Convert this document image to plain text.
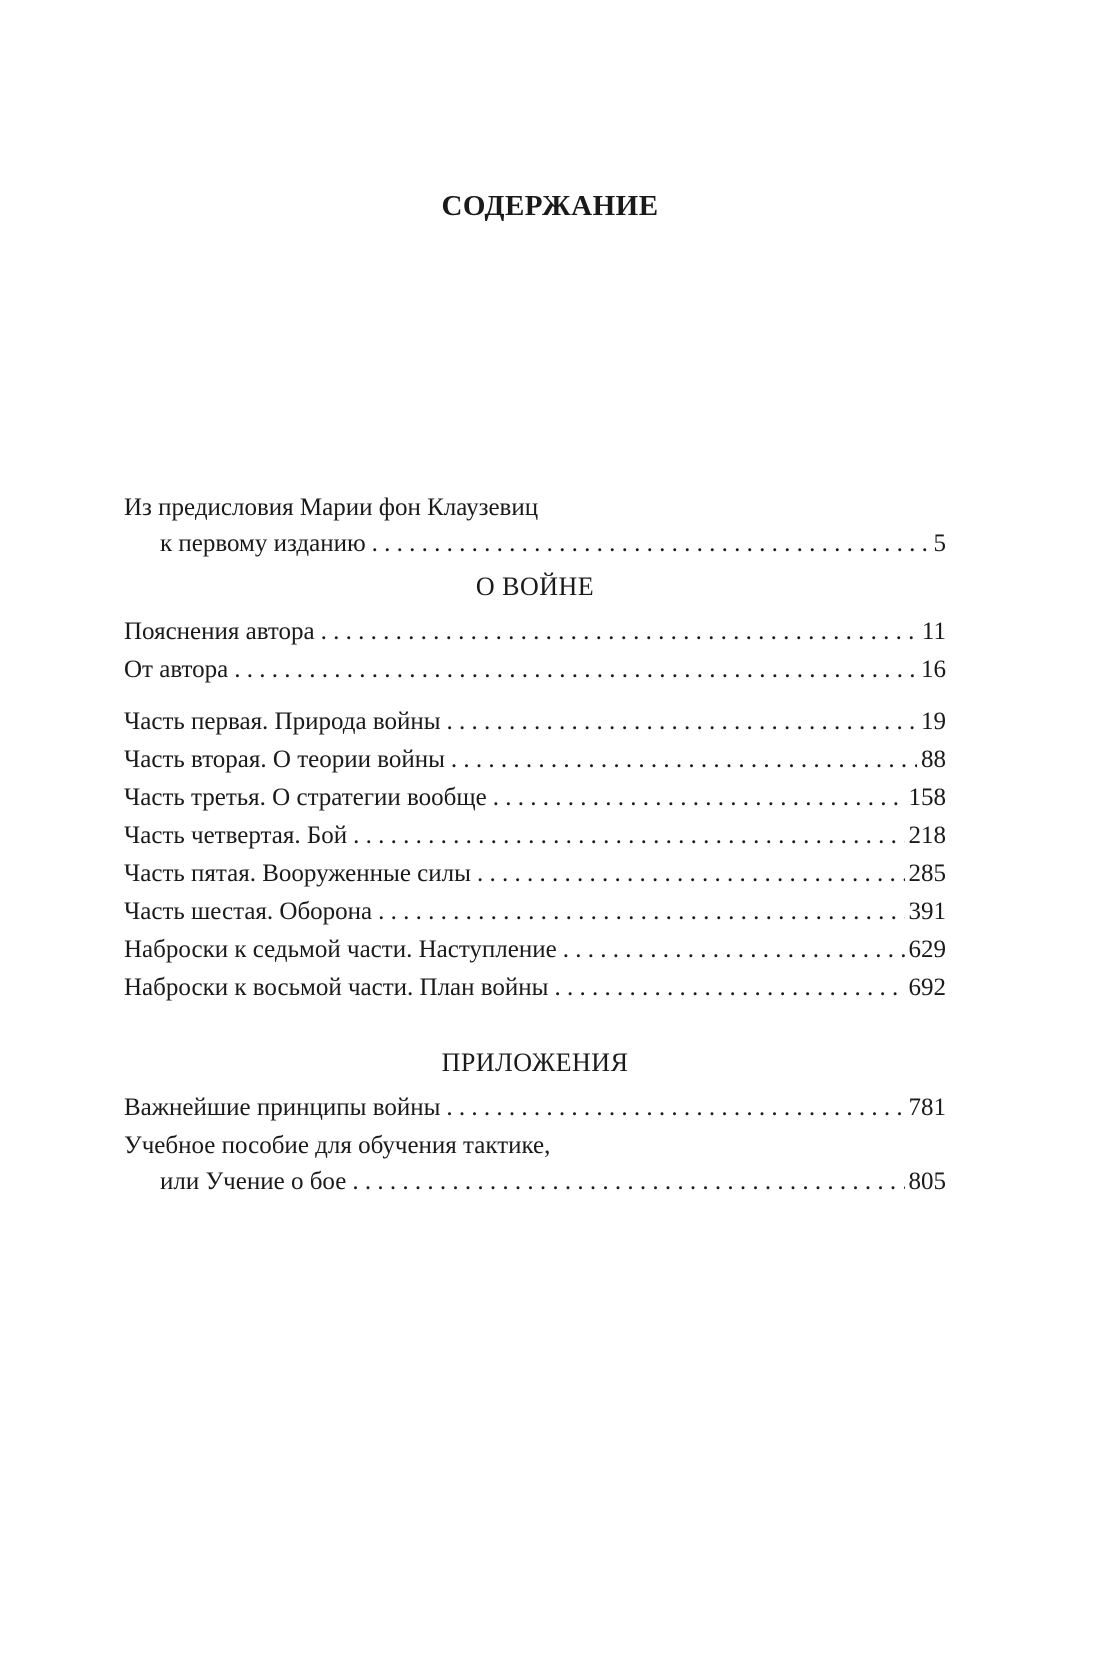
СОДЕРЖАНИЕ
Из предисловия Марии фон Клаузевиц
к первому изданию . . .	5
О ВОЙНЕ
Пояснения автора . . .	11
От автора . . .	16
Часть первая. Природа войны . . .	19
Часть вторая. О теории войны . . .	88
Часть третья. О стратегии вообще . . .	158
Часть четвертая. Бой . . .	218
Часть пятая. Вооруженные силы . . .	285
Часть шестая. Оборона . . .	391
Наброски к седьмой части. Наступление . . .	629
Наброски к восьмой части. План войны . . .	692
ПРИЛОЖЕНИЯ
Важнейшие принципы войны . . .	781
Учебное пособие для обучения тактике,
или Учение о бое . . .	805
